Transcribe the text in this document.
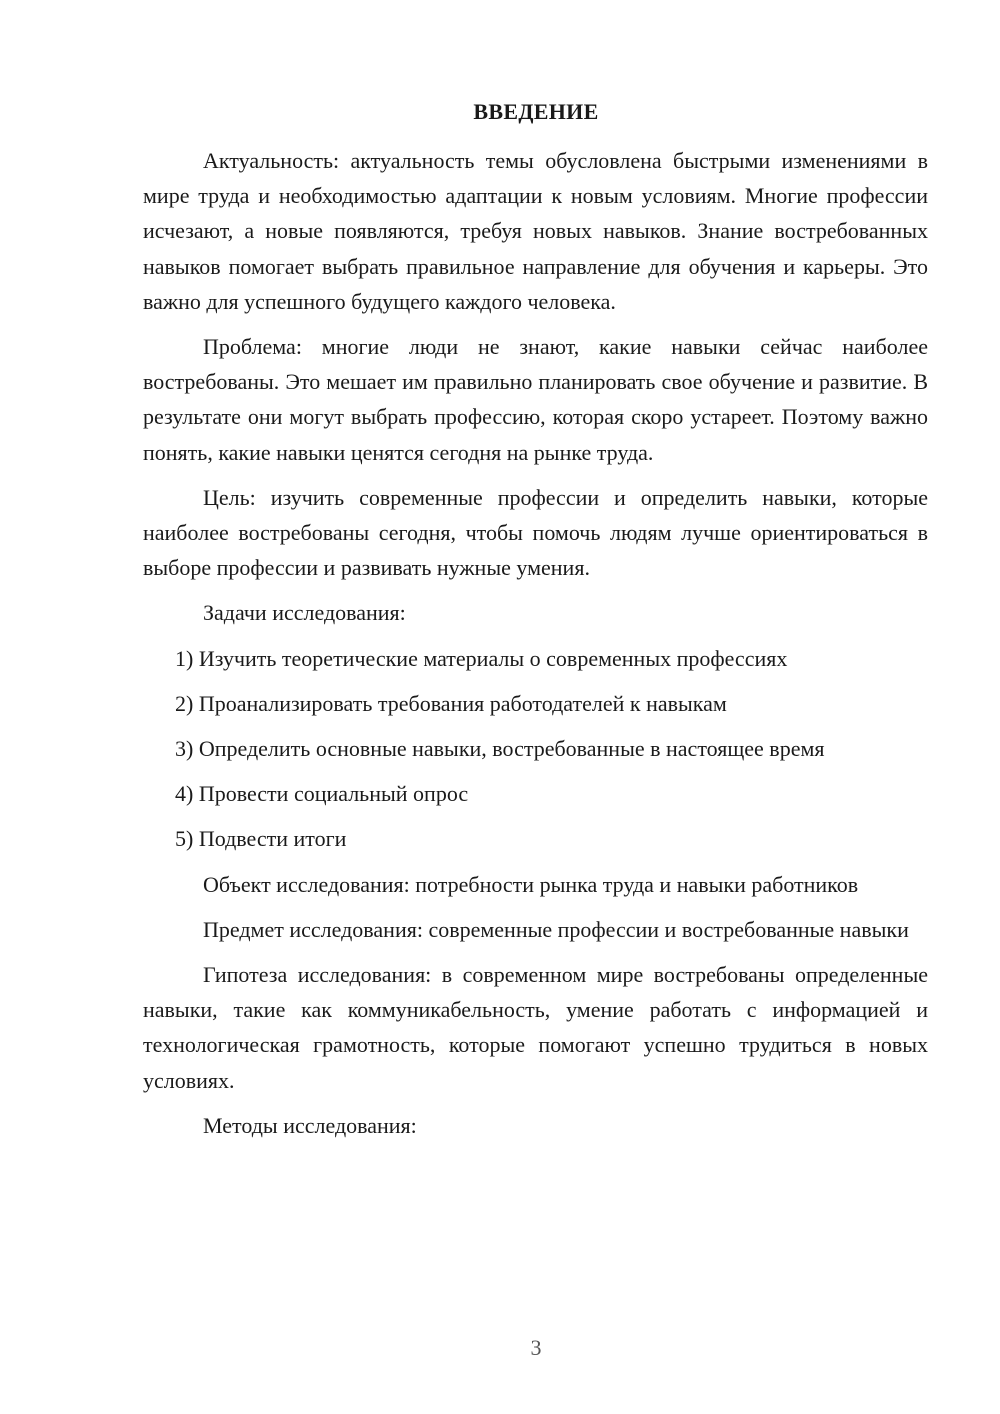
ВВЕДЕНИЕ

Актуальность: актуальность темы обусловлена быстрыми изменениями в мире труда и необходимостью адаптации к новым условиям. Многие профессии исчезают, а новые появляются, требуя новых навыков. Знание востребованных навыков помогает выбрать правильное направление для обучения и карьеры. Это важно для успешного будущего каждого человека.

Проблема: многие люди не знают, какие навыки сейчас наиболее востребованы. Это мешает им правильно планировать свое обучение и развитие. В результате они могут выбрать профессию, которая скоро устареет. Поэтому важно понять, какие навыки ценятся сегодня на рынке труда.

Цель: изучить современные профессии и определить навыки, которые наиболее востребованы сегодня, чтобы помочь людям лучше ориентироваться в выборе профессии и развивать нужные умения.

Задачи исследования:

1) Изучить теоретические материалы о современных профессиях
2) Проанализировать требования работодателей к навыкам
3) Определить основные навыки, востребованные в настоящее время
4) Провести социальный опрос
5) Подвести итоги

Объект исследования: потребности рынка труда и навыки работников

Предмет исследования: современные профессии и востребованные навыки

Гипотеза исследования: в современном мире востребованы определенные навыки, такие как коммуникабельность, умение работать с информацией и технологическая грамотность, которые помогают успешно трудиться в новых условиях.

Методы исследования:

3
